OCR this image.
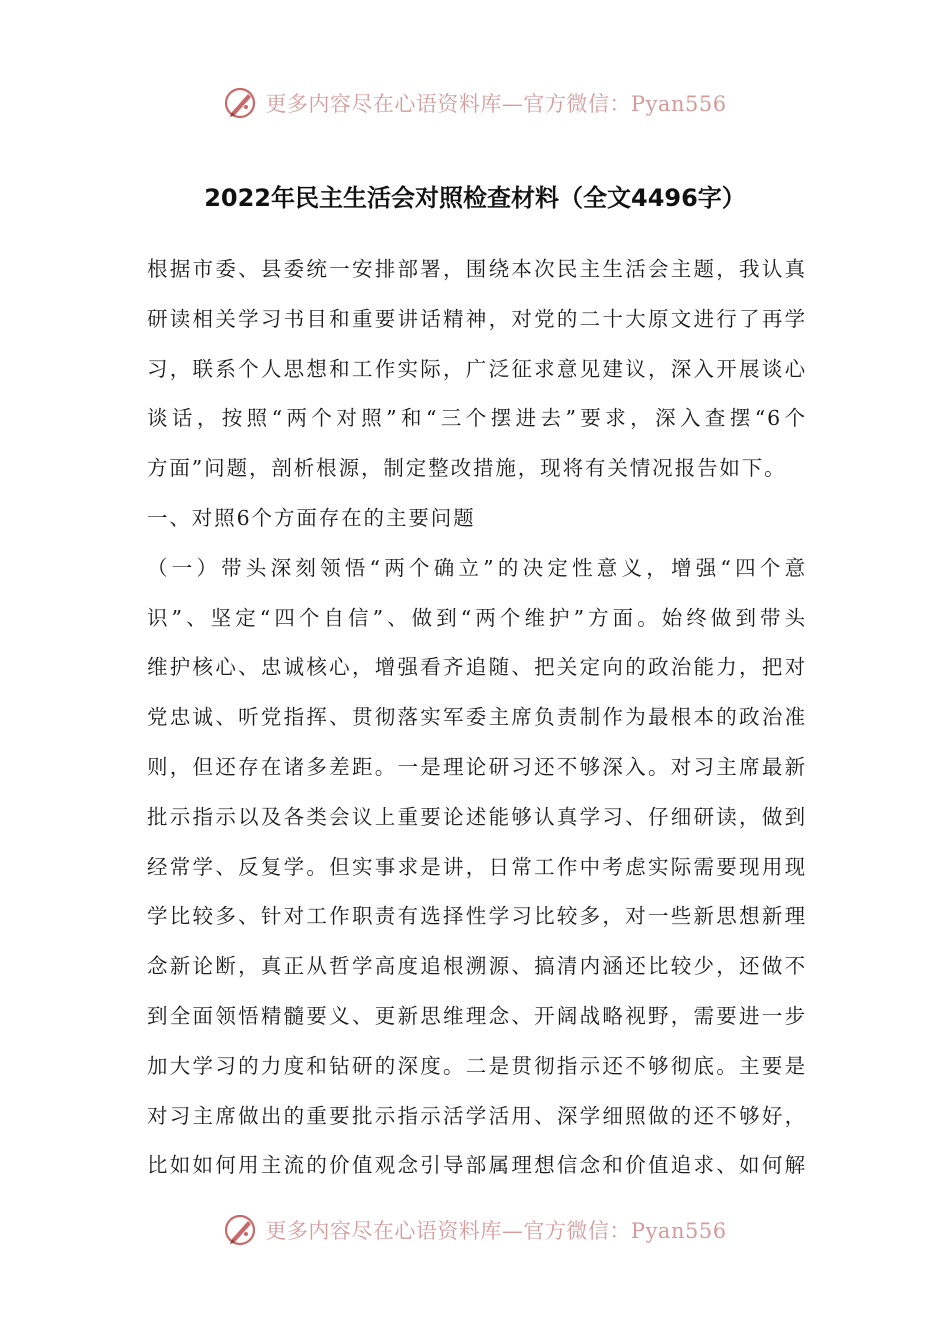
更多内容尽在心语资料库—官方微信：Pyan556
2022年民主生活会对照检查材料（全文4496字）
根据市委、县委统一安排部署，围绕本次民主生活会主题，我认真
研读相关学习书目和重要讲话精神，对党的二十大原文进行了再学
习，联系个人思想和工作实际，广泛征求意见建议，深入开展谈心
谈话，按照“两个对照”和“三个摆进去”要求，深入查摆“6个
方面”问题，剖析根源，制定整改措施，现将有关情况报告如下。
一、对照6个方面存在的主要问题
（一）带头深刻领悟“两个确立”的决定性意义，增强“四个意
识”、坚定“四个自信”、做到“两个维护”方面。始终做到带头
维护核心、忠诚核心，增强看齐追随、把关定向的政治能力，把对
党忠诚、听党指挥、贯彻落实军委主席负责制作为最根本的政治准
则，但还存在诸多差距。一是理论研习还不够深入。对习主席最新
批示指示以及各类会议上重要论述能够认真学习、仔细研读，做到
经常学、反复学。但实事求是讲，日常工作中考虑实际需要现用现
学比较多、针对工作职责有选择性学习比较多，对一些新思想新理
念新论断，真正从哲学高度追根溯源、搞清内涵还比较少，还做不
到全面领悟精髓要义、更新思维理念、开阔战略视野，需要进一步
加大学习的力度和钻研的深度。二是贯彻指示还不够彻底。主要是
对习主席做出的重要批示指示活学活用、深学细照做的还不够好，
比如如何用主流的价值观念引导部属理想信念和价值追求、如何解
更多内容尽在心语资料库—官方微信：Pyan556
